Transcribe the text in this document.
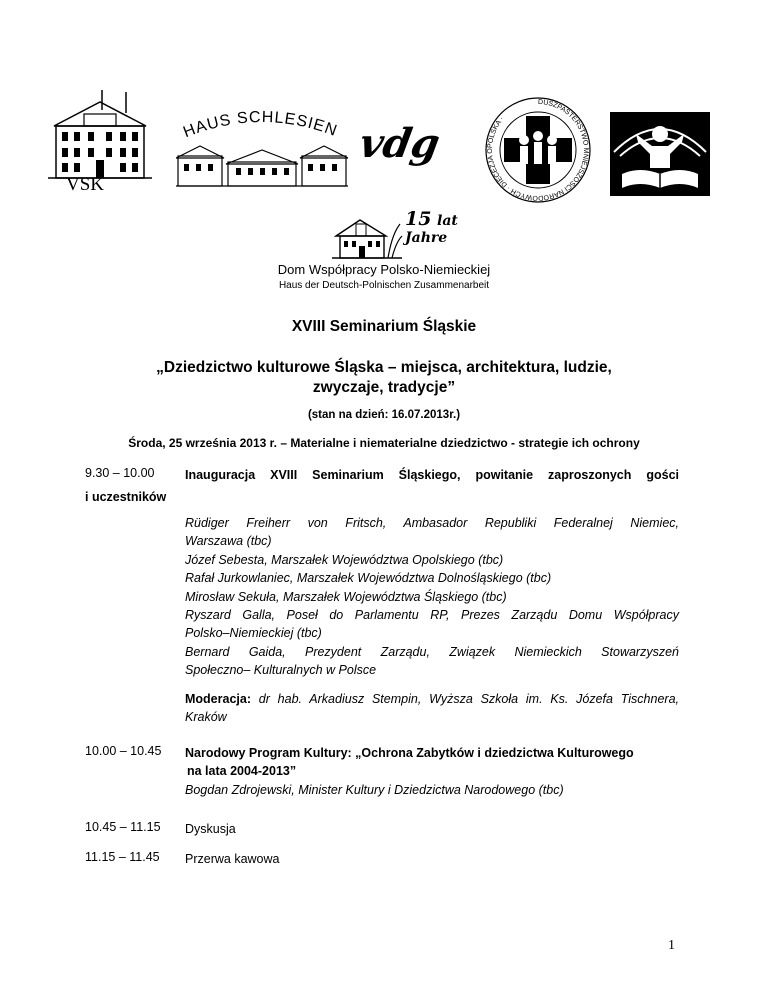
VSK
HAUS SCHLESIEN vdg
DUSZPASTERSTWO MNIEJSZOŚCI NARODOWYCH · DIECEZJA OPOLSKA ·
15 lat
Jahre
Dom Współpracy Polsko-Niemieckiej
Haus der Deutsch-Polnischen Zusammenarbeit
XVIII Seminarium Śląskie
„Dziedzictwo kulturowe Śląska – miejsca, architektura, ludzie,
zwyczaje, tradycje”
(stan na dzień: 16.07.2013r.)
Środa, 25 września 2013 r. – Materialne i niematerialne dziedzictwo - strategie ich ochrony
9.30 – 10.00 Inauguracja XVIII Seminarium Śląskiego, powitanie zaproszonych gości
i uczestników
Rüdiger Freiherr von Fritsch, Ambasador Republiki Federalnej Niemiec,
Warszawa (tbc)
Józef Sebesta, Marszałek Województwa Opolskiego (tbc)
Rafał Jurkowlaniec, Marszałek Województwa Dolnośląskiego (tbc)
Mirosław Sekuła, Marszałek Województwa Śląskiego (tbc)
Ryszard Galla, Poseł do Parlamentu RP, Prezes Zarządu Domu Współpracy
Polsko–Niemieckiej (tbc)
Bernard Gaida, Prezydent Zarządu, Związek Niemieckich Stowarzyszeń
Społeczno– Kulturalnych w Polsce
Moderacja: dr hab. Arkadiusz Stempin, Wyższa Szkoła im. Ks. Józefa Tischnera,
Kraków
10.00 – 10.45 Narodowy Program Kultury: „Ochrona Zabytków i dziedzictwa Kulturowego
na lata 2004-2013”
Bogdan Zdrojewski, Minister Kultury i Dziedzictwa Narodowego (tbc)
10.45 – 11.15 Dyskusja
11.15 – 11.45 Przerwa kawowa
1
